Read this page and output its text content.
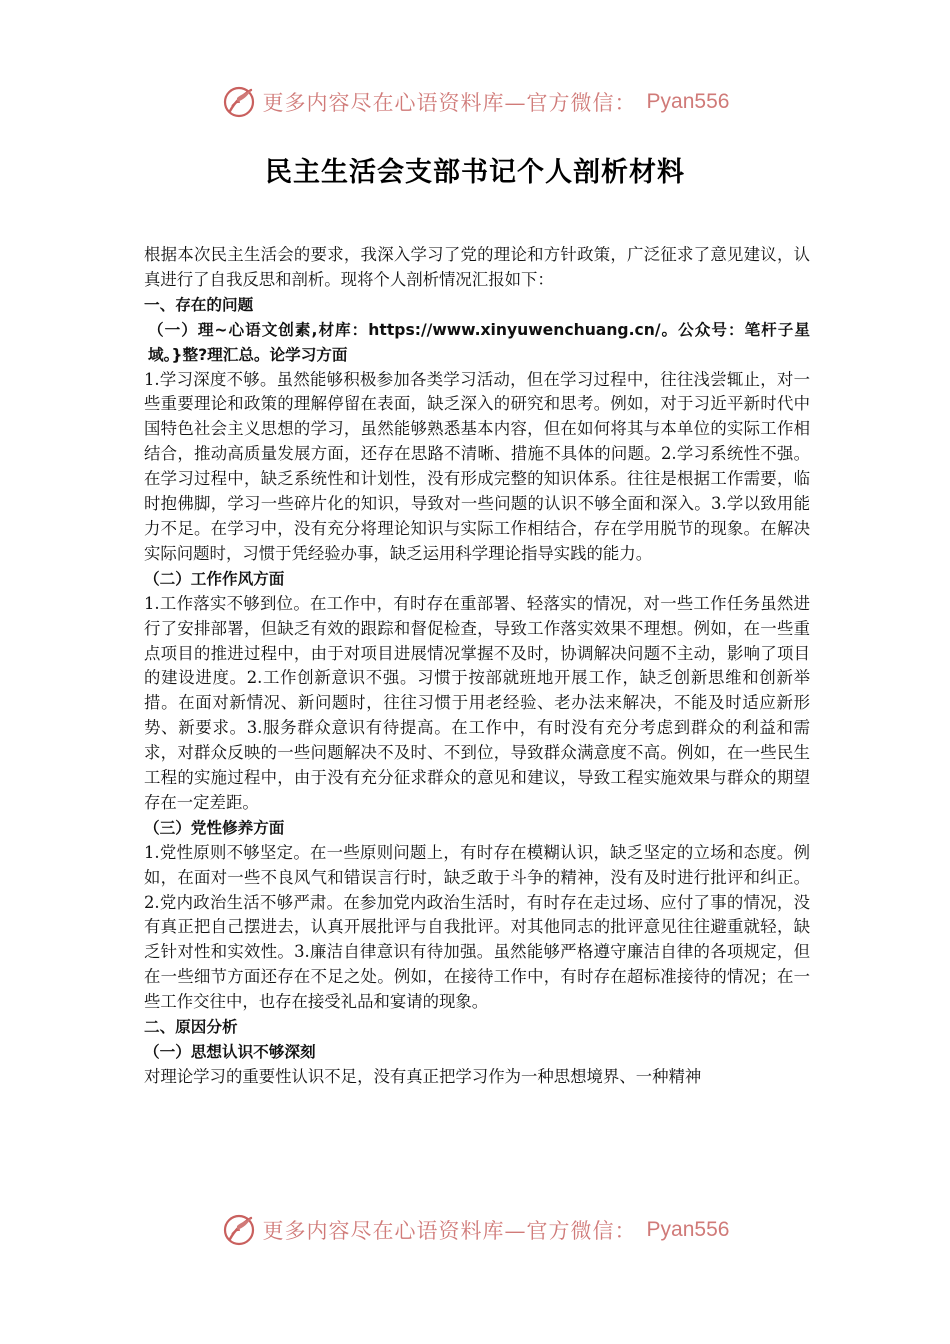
更多内容尽在心语资料库—官方微信： Pyan556
民主生活会支部书记个人剖析材料

根据本次民主生活会的要求，我深入学习了党的理论和方针政策，广泛征求了意见建议，认真进行了自我反思和剖析。现将个人剖析情况汇报如下：

一、存在的问题

（一）理~心语文创素,材库：https://www.xinyuwenchuang.cn/。公众号：笔杆子星域。}整?理汇总。论学习方面

1.学习深度不够。虽然能够积极参加各类学习活动，但在学习过程中，往往浅尝辄止，对一些重要理论和政策的理解停留在表面，缺乏深入的研究和思考。例如，对于习近平新时代中国特色社会主义思想的学习，虽然能够熟悉基本内容，但在如何将其与本单位的实际工作相结合，推动高质量发展方面，还存在思路不清晰、措施不具体的问题。2.学习系统性不强。在学习过程中，缺乏系统性和计划性，没有形成完整的知识体系。往往是根据工作需要，临时抱佛脚，学习一些碎片化的知识，导致对一些问题的认识不够全面和深入。3.学以致用能力不足。在学习中，没有充分将理论知识与实际工作相结合，存在学用脱节的现象。在解决实际问题时，习惯于凭经验办事，缺乏运用科学理论指导实践的能力。

（二）工作作风方面

1.工作落实不够到位。在工作中，有时存在重部署、轻落实的情况，对一些工作任务虽然进行了安排部署，但缺乏有效的跟踪和督促检查，导致工作落实效果不理想。例如，在一些重点项目的推进过程中，由于对项目进展情况掌握不及时，协调解决问题不主动，影响了项目的建设进度。2.工作创新意识不强。习惯于按部就班地开展工作，缺乏创新思维和创新举措。在面对新情况、新问题时，往往习惯于用老经验、老办法来解决，不能及时适应新形势、新要求。3.服务群众意识有待提高。在工作中，有时没有充分考虑到群众的利益和需求，对群众反映的一些问题解决不及时、不到位，导致群众满意度不高。例如，在一些民生工程的实施过程中，由于没有充分征求群众的意见和建议，导致工程实施效果与群众的期望存在一定差距。

（三）党性修养方面

1.党性原则不够坚定。在一些原则问题上，有时存在模糊认识，缺乏坚定的立场和态度。例如，在面对一些不良风气和错误言行时，缺乏敢于斗争的精神，没有及时进行批评和纠正。2.党内政治生活不够严肃。在参加党内政治生活时，有时存在走过场、应付了事的情况，没有真正把自己摆进去，认真开展批评与自我批评。对其他同志的批评意见往往避重就轻，缺乏针对性和实效性。3.廉洁自律意识有待加强。虽然能够严格遵守廉洁自律的各项规定，但在一些细节方面还存在不足之处。例如，在接待工作中，有时存在超标准接待的情况；在一些工作交往中，也存在接受礼品和宴请的现象。

二、原因分析

（一）思想认识不够深刻

对理论学习的重要性认识不足，没有真正把学习作为一种思想境界、一种精神

更多内容尽在心语资料库—官方微信： Pyan556
